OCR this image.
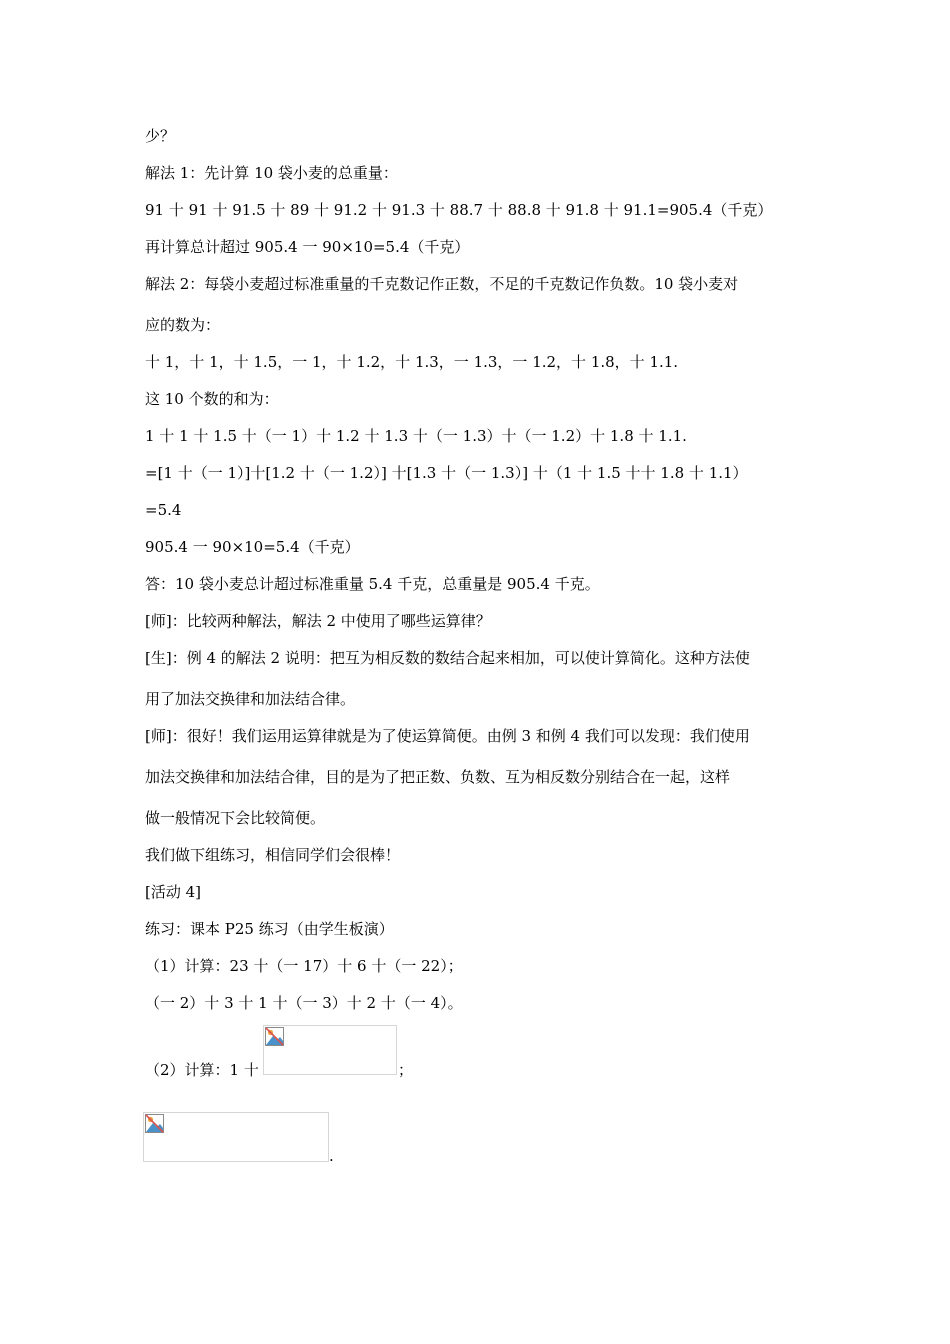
少？
解法 1：先计算 10 袋小麦的总重量：
91 十 91 十 91.5 十 89 十 91.2 十 91.3 十 88.7 十 88.8 十 91.8 十 91.1=905.4（千克）
再计算总计超过 905.4 一 90×10=5.4（千克）
解法 2：每袋小麦超过标准重量的千克数记作正数，不足的千克数记作负数。10 袋小麦对
应的数为：
十 1，十 1，十 1.5，一 1，十 1.2，十 1.3，一 1.3，一 1.2，十 1.8，十 1.1.
这 10 个数的和为：
1 十 1 十 1.5 十（一 1）十 1.2 十 1.3 十（一 1.3）十（一 1.2）十 1.8 十 1.1.
=[1 十（一 1）]十[1.2 十（一 1.2）] 十[1.3 十（一 1.3）] 十（1 十 1.5 十十 1.8 十 1.1）
=5.4
905.4 一 90×10=5.4（千克）
答：10 袋小麦总计超过标准重量 5.4 千克，总重量是 905.4 千克。
[师]：比较两种解法，解法 2 中使用了哪些运算律？
[生]：例 4 的解法 2 说明：把互为相反数的数结合起来相加，可以使计算简化。这种方法使
用了加法交换律和加法结合律。
[师]：很好！我们运用运算律就是为了使运算简便。由例 3 和例 4 我们可以发现：我们使用
加法交换律和加法结合律，目的是为了把正数、负数、互为相反数分别结合在一起，这样
做一般情况下会比较简便。
我们做下组练习，相信同学们会很棒！
[活动 4]
练习：课本 P25 练习（由学生板演）
（1）计算：23 十（一 17）十 6 十（一 22）；
（一 2）十 3 十 1 十（一 3）十 2 十（一 4）。
（2）计算：1 十	；
.
